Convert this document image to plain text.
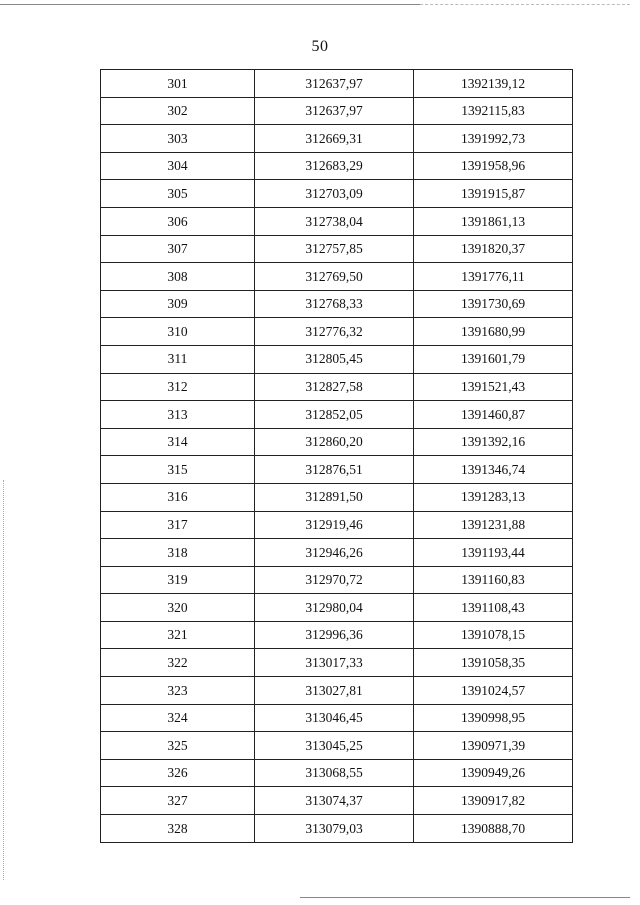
50
301	312637,97	1392139,12
302	312637,97	1392115,83
303	312669,31	1391992,73
304	312683,29	1391958,96
305	312703,09	1391915,87
306	312738,04	1391861,13
307	312757,85	1391820,37
308	312769,50	1391776,11
309	312768,33	1391730,69
310	312776,32	1391680,99
311	312805,45	1391601,79
312	312827,58	1391521,43
313	312852,05	1391460,87
314	312860,20	1391392,16
315	312876,51	1391346,74
316	312891,50	1391283,13
317	312919,46	1391231,88
318	312946,26	1391193,44
319	312970,72	1391160,83
320	312980,04	1391108,43
321	312996,36	1391078,15
322	313017,33	1391058,35
323	313027,81	1391024,57
324	313046,45	1390998,95
325	313045,25	1390971,39
326	313068,55	1390949,26
327	313074,37	1390917,82
328	313079,03	1390888,70
